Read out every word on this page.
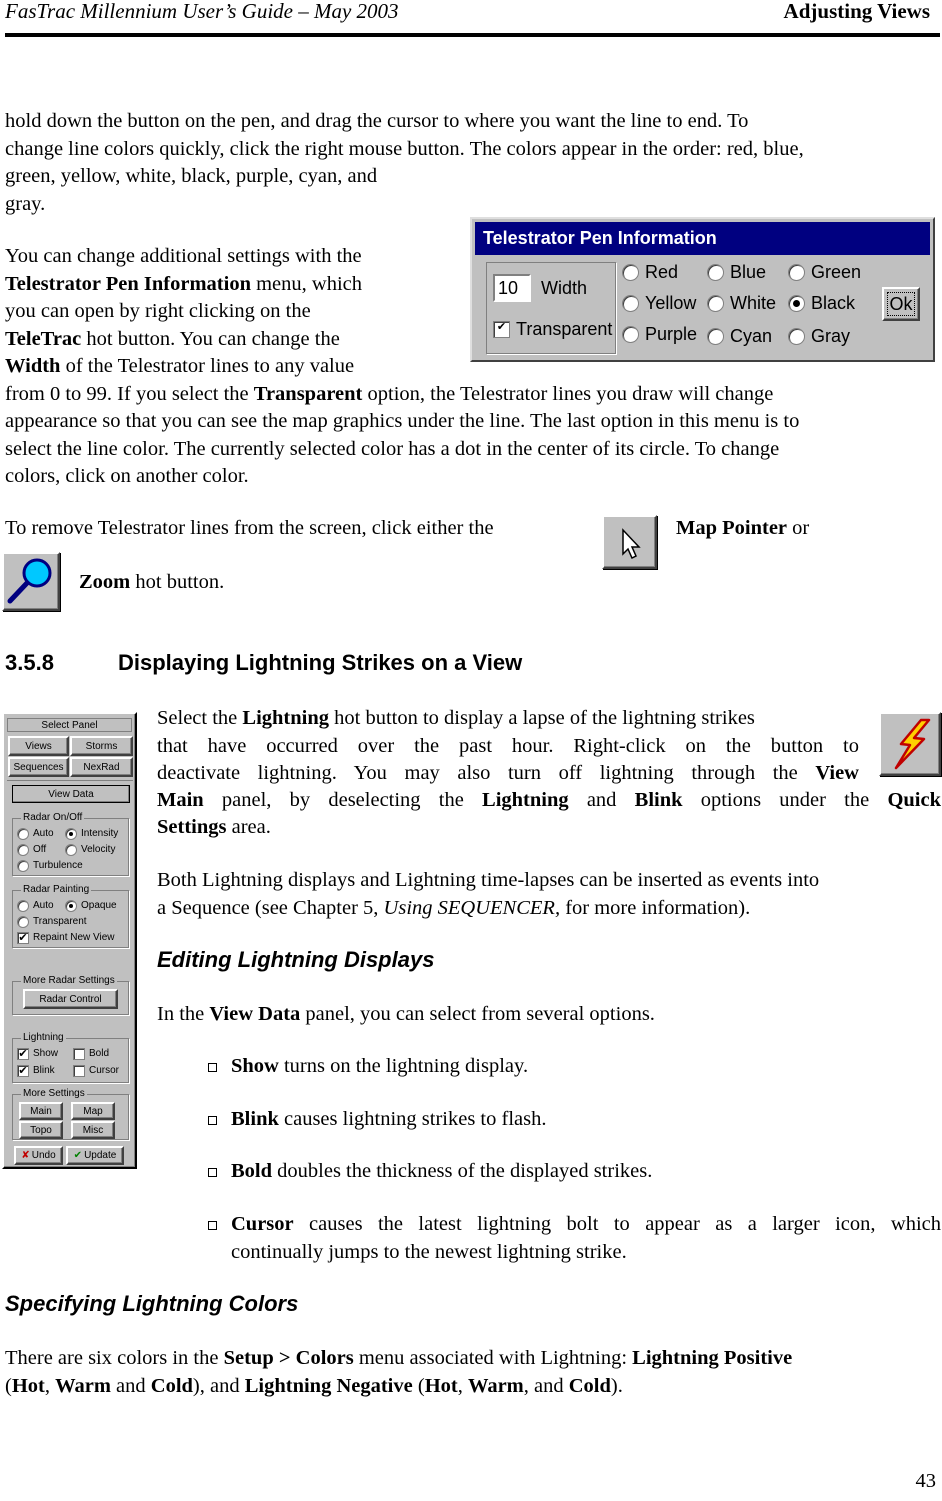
FasTrac Millennium User’s Guide – May 2003	Adjusting Views

hold down the button on the pen, and drag the cursor to where you want the line to end. To

change line colors quickly, click the right mouse button. The colors appear in the order: red, blue,

green, yellow, white, black, purple, cyan, and

gray.

You can change additional settings with the

Telestrator Pen Information menu, which

you can open by right clicking on the

TeleTrac hot button. You can change the

Width of the Telestrator lines to any value

from 0 to 99. If you select the Transparent option, the Telestrator lines you draw will change

appearance so that you can see the map graphics under the line. The last option in this menu is to

select the line color. The currently selected color has a dot in the center of its circle. To change

colors, click on another color.

Telestrator Pen Information
10	Width
✔ Transparent
Red	Blue Green
Yellow White Black
Purple Cyan Gray
Ok
To remove Telestrator lines from the screen, click either the	Map Pointer or
Zoom hot button.
3.5.8	Displaying Lightning Strikes on a View
Select Panel
Views	Storms
Sequences	NexRad
View Data
Radar On/Off
Auto	Intensity
Off	Velocity
Turbulence
Radar Painting
Auto	Opaque
Transparent
✔ Repaint New View
More Radar Settings
Radar Control
Lightning
✔ Show	Bold
✔ Blink	Cursor
More Settings
Main	Map
Topo	Misc
✘ Undo ✔ Update

Select the Lightning hot button to display a lapse of the lightning strikes

that have occurred over the past hour. Right-click on the button to

deactivate lightning. You may also turn off lightning through the View

Main panel, by deselecting the Lightning and Blink options under the Quick
Settings area.

Both Lightning displays and Lightning time-lapses can be inserted as events into

a Sequence (see Chapter 5, Using SEQUENCER, for more information).

Editing Lightning Displays
In the View Data panel, you can select from several options.
Show turns on the lightning display.
Blink causes lightning strikes to flash.
Bold doubles the thickness of the displayed strikes.

Cursor causes the latest lightning bolt to appear as a larger icon, which

continually jumps to the newest lightning strike.

Specifying Lightning Colors

There are six colors in the Setup > Colors menu associated with Lightning: Lightning Positive

(Hot, Warm and Cold), and Lightning Negative (Hot, Warm, and Cold).

43
